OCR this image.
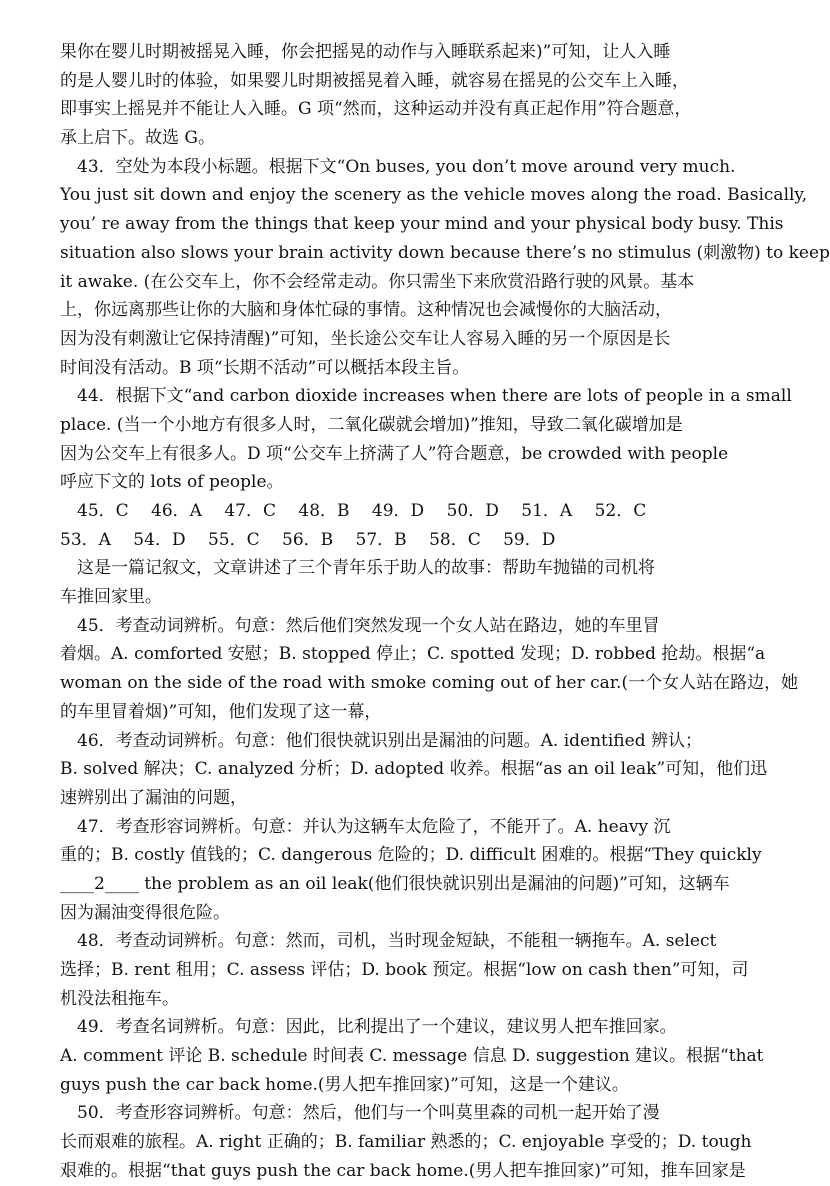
果你在婴儿时期被摇晃入睡，你会把摇晃的动作与入睡联系起来)”可知，让人入睡
的是人婴儿时的体验，如果婴儿时期被摇晃着入睡，就容易在摇晃的公交车上入睡，
即事实上摇晃并不能让人入睡。G 项“然而，这种运动并没有真正起作用”符合题意，
承上启下。故选 G。
　43．空处为本段小标题。根据下文“On buses, you don’t move around very much.
You just sit down and enjoy the scenery as the vehicle moves along the road. Basically,
you’ re away from the things that keep your mind and your physical body busy. This
situation also slows your brain activity down because there’s no stimulus (刺激物) to keep
it awake. (在公交车上，你不会经常走动。你只需坐下来欣赏沿路行驶的风景。基本
上，你远离那些让你的大脑和身体忙碌的事情。这种情况也会减慢你的大脑活动，
因为没有刺激让它保持清醒)”可知，坐长途公交车让人容易入睡的另一个原因是长
时间没有活动。B 项“长期不活动”可以概括本段主旨。
　44．根据下文“and carbon dioxide increases when there are lots of people in a small
place. (当一个小地方有很多人时，二氧化碳就会增加)”推知，导致二氧化碳增加是
因为公交车上有很多人。D 项“公交车上挤满了人”符合题意，be crowded with people
呼应下文的 lots of people。
　45．C　 46．A　 47．C　 48．B　 49．D　 50．D　 51．A　 52．C
53．A　 54．D　 55．C　 56．B　 57．B　 58．C　 59．D
　这是一篇记叙文，文章讲述了三个青年乐于助人的故事：帮助车抛锚的司机将
车推回家里。
　45．考查动词辨析。句意：然后他们突然发现一个女人站在路边，她的车里冒
着烟。A. comforted 安慰；B. stopped 停止；C. spotted 发现；D. robbed 抢劫。根据“a
woman on the side of the road with smoke coming out of her car.(一个女人站在路边，她
的车里冒着烟)”可知，他们发现了这一幕，
　46．考查动词辨析。句意：他们很快就识别出是漏油的问题。A. identified 辨认；
B. solved 解决；C. analyzed 分析；D. adopted 收养。根据“as an oil leak”可知，他们迅
速辨别出了漏油的问题，
　47．考查形容词辨析。句意：并认为这辆车太危险了，不能开了。A. heavy 沉
重的；B. costly 值钱的；C. dangerous 危险的；D. difficult 困难的。根据“They quickly
____2____ the problem as an oil leak(他们很快就识别出是漏油的问题)”可知，这辆车
因为漏油变得很危险。
　48．考查动词辨析。句意：然而，司机，当时现金短缺，不能租一辆拖车。A. select
选择；B. rent 租用；C. assess 评估；D. book 预定。根据“low on cash then”可知，司
机没法租拖车。
　49．考查名词辨析。句意：因此，比利提出了一个建议，建议男人把车推回家。
A. comment 评论 B. schedule 时间表 C. message 信息 D. suggestion 建议。根据“that
guys push the car back home.(男人把车推回家)”可知，这是一个建议。
　50．考查形容词辨析。句意：然后，他们与一个叫莫里森的司机一起开始了漫
长而艰难的旅程。A. right 正确的；B. familiar 熟悉的；C. enjoyable 享受的；D. tough
艰难的。根据“that guys push the car back home.(男人把车推回家)”可知，推车回家是
